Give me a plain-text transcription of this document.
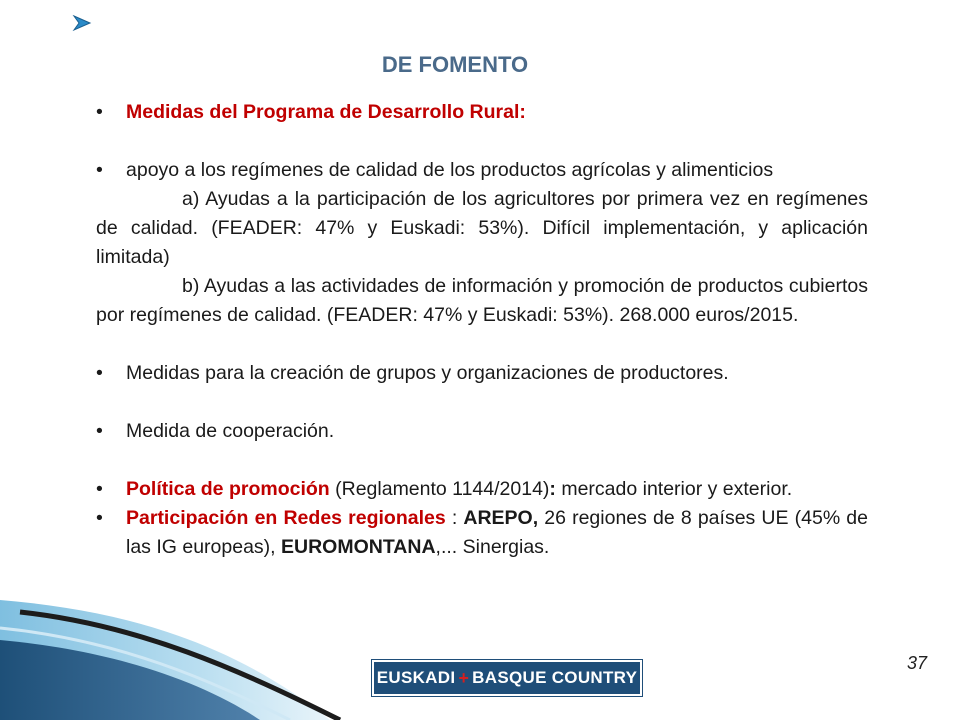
DE FOMENTO
•	Medidas del Programa de Desarrollo Rural:
•	apoyo a los regímenes de calidad de los productos agrícolas y alimenticios
a) Ayudas a la participación de los agricultores por primera vez en regímenes de calidad. (FEADER: 47% y Euskadi: 53%). Difícil implementación, y aplicación limitada)
b) Ayudas a las actividades de información y promoción de productos cubiertos por regímenes de calidad. (FEADER: 47% y Euskadi: 53%). 268.000 euros/2015.
•	Medidas para la creación de grupos y organizaciones de productores.
•	Medida de cooperación.
•	Política de promoción (Reglamento 1144/2014): mercado interior y exterior.
•	Participación en Redes regionales : AREPO, 26 regiones de 8 países UE (45% de las IG europeas), EUROMONTANA,... Sinergias.
37
EUSKADI + BASQUE COUNTRY
